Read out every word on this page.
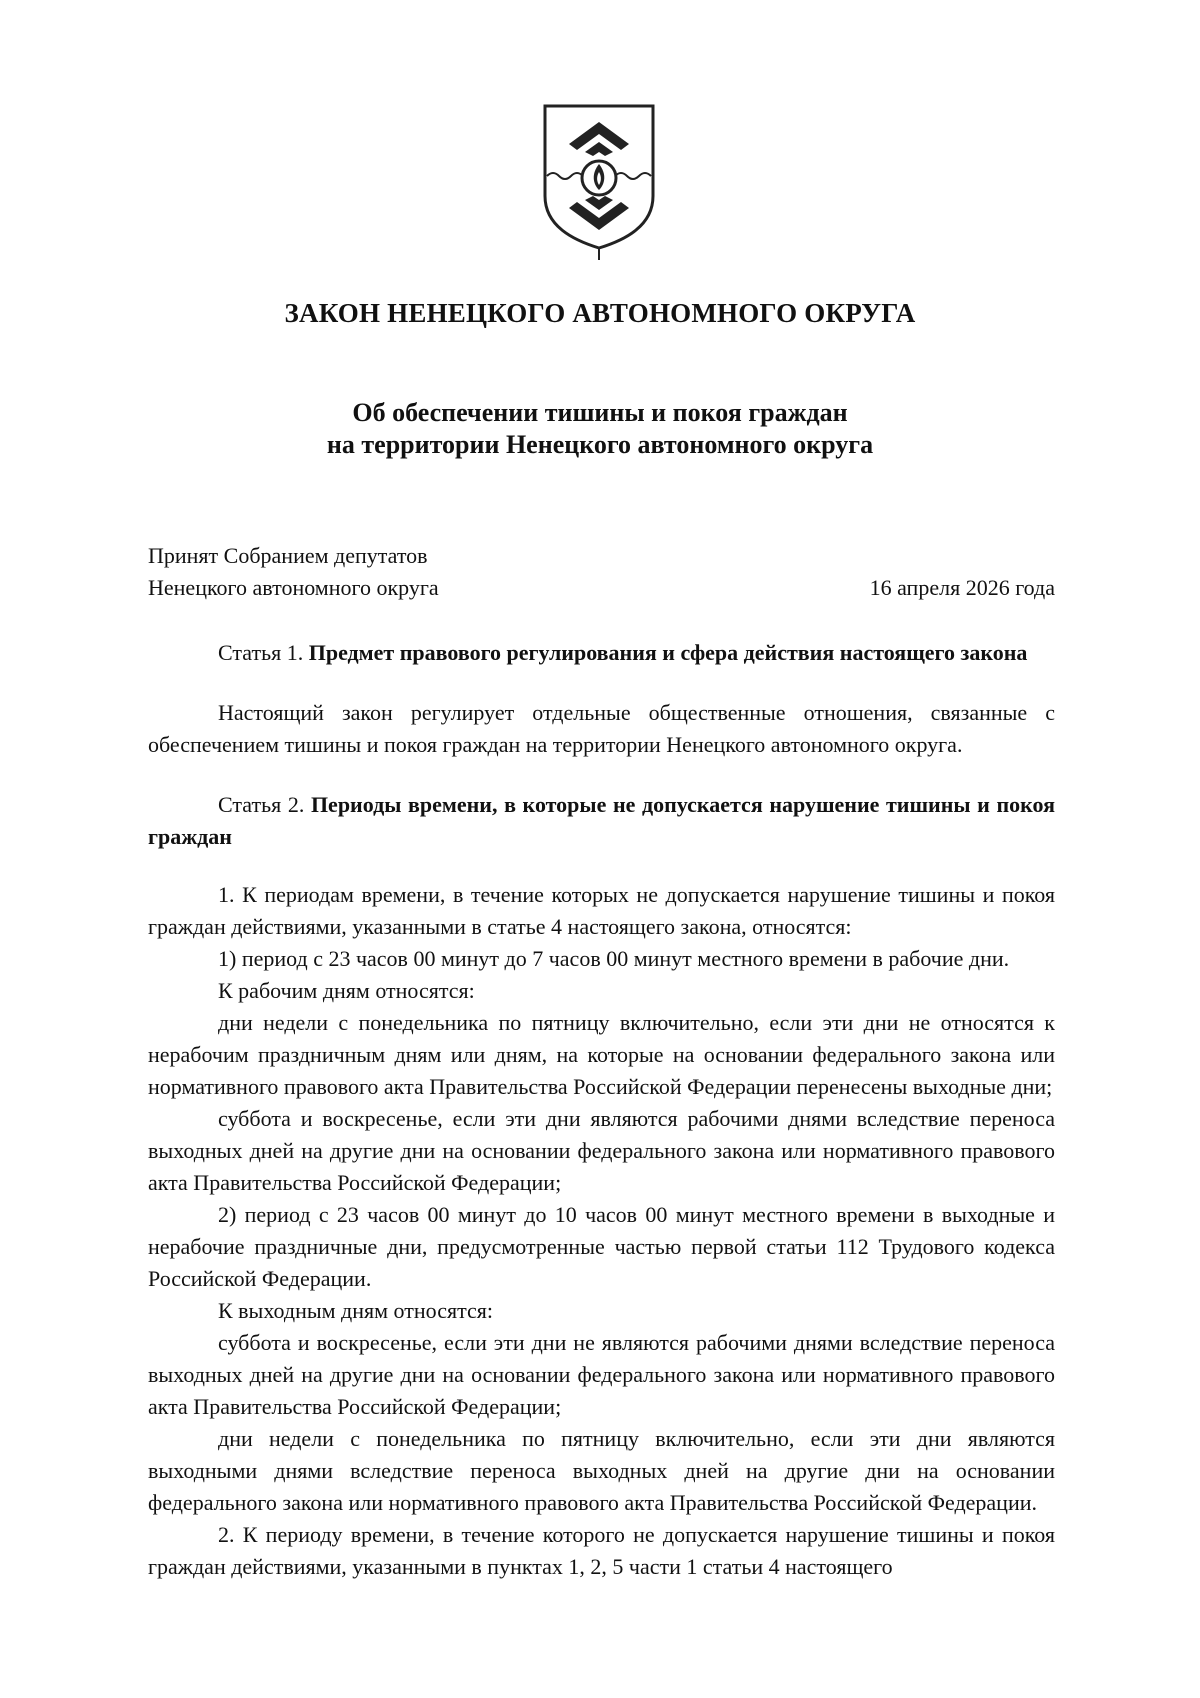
ЗАКОН НЕНЕЦКОГО АВТОНОМНОГО ОКРУГА
Об обеспечении тишины и покоя граждан
на территории Ненецкого автономного округа
Принят Собранием депутатов
Ненецкого автономного округа	16 апреля 2026 года

Статья 1. Предмет правового регулирования и сфера действия настоящего закона

Настоящий закон регулирует отдельные общественные отношения, связанные с обеспечением тишины и покоя граждан на территории Ненецкого автономного округа.

Статья 2. Периоды времени, в которые не допускается нарушение тишины и покоя граждан

1. К периодам времени, в течение которых не допускается нарушение тишины и покоя граждан действиями, указанными в статье 4 настоящего закона, относятся:

1) период с 23 часов 00 минут до 7 часов 00 минут местного времени в рабочие дни.

К рабочим дням относятся:

дни недели с понедельника по пятницу включительно, если эти дни не относятся к нерабочим праздничным дням или дням, на которые на основании федерального закона или нормативного правового акта Правительства Российской Федерации перенесены выходные дни;

суббота и воскресенье, если эти дни являются рабочими днями вследствие переноса выходных дней на другие дни на основании федерального закона или нормативного правового акта Правительства Российской Федерации;

2) период с 23 часов 00 минут до 10 часов 00 минут местного времени в выходные и нерабочие праздничные дни, предусмотренные частью первой статьи 112 Трудового кодекса Российской Федерации.

К выходным дням относятся:

суббота и воскресенье, если эти дни не являются рабочими днями вследствие переноса выходных дней на другие дни на основании федерального закона или нормативного правового акта Правительства Российской Федерации;

дни недели с понедельника по пятницу включительно, если эти дни являются выходными днями вследствие переноса выходных дней на другие дни на основании федерального закона или нормативного правового акта Правительства Российской Федерации.

2. К периоду времени, в течение которого не допускается нарушение тишины и покоя граждан действиями, указанными в пунктах 1, 2, 5 части 1 статьи 4 настоящего
